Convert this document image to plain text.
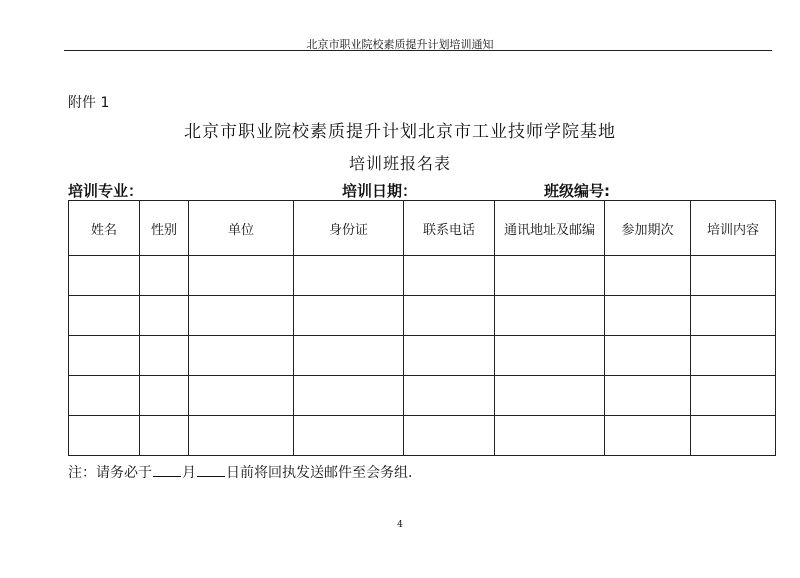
北京市职业院校素质提升计划培训通知
附件 1
北京市职业院校素质提升计划北京市工业技师学院基地
培训班报名表
培训专业：	培训日期：	班级编号:
姓名	性别	单位	身份证	联系电话	通讯地址及邮编	参加期次	培训内容

注：请务必于 月 日前将回执发送邮件至会务组.
4
